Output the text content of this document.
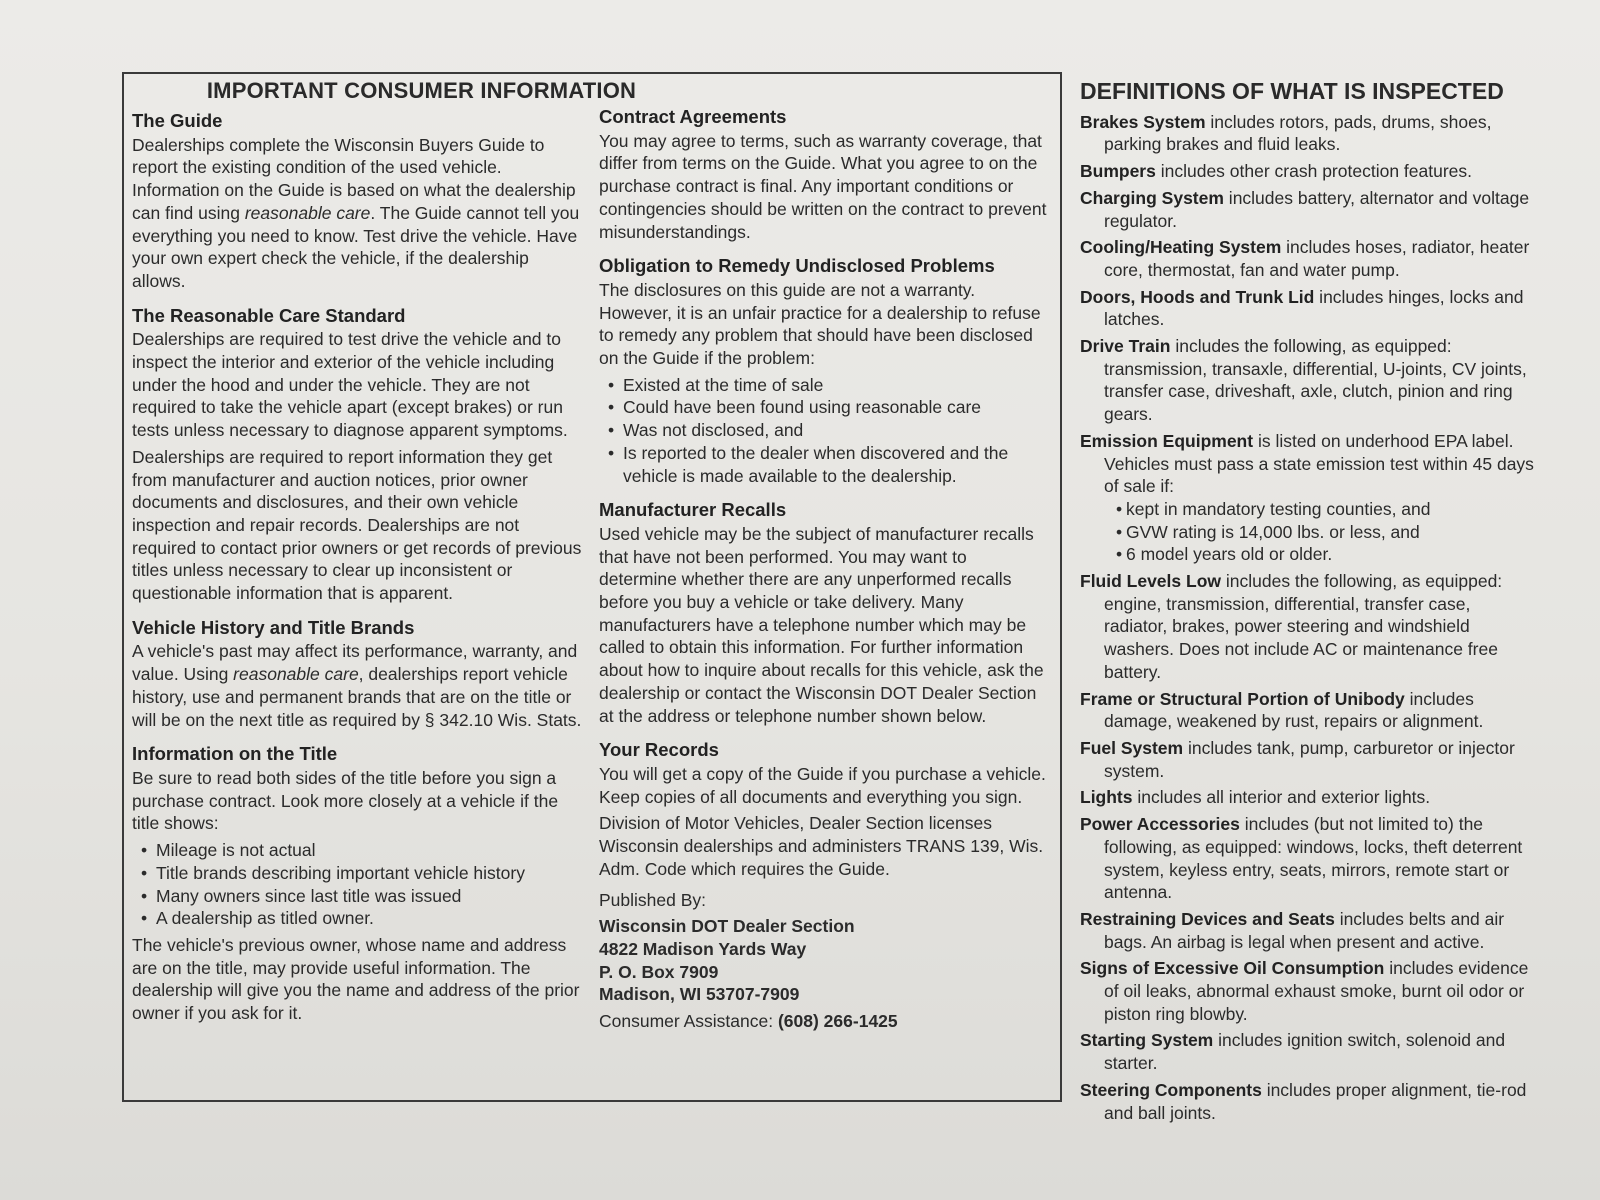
IMPORTANT CONSUMER INFORMATION
The Guide

Dealerships complete the Wisconsin Buyers Guide to report the existing condition of the used vehicle. Information on the Guide is based on what the dealership can find using reasonable care. The Guide cannot tell you everything you need to know. Test drive the vehicle. Have your own expert check the vehicle, if the dealership allows.

The Reasonable Care Standard

Dealerships are required to test drive the vehicle and to inspect the interior and exterior of the vehicle including under the hood and under the vehicle. They are not required to take the vehicle apart (except brakes) or run tests unless necessary to diagnose apparent symptoms.

Dealerships are required to report information they get from manufacturer and auction notices, prior owner documents and disclosures, and their own vehicle inspection and repair records. Dealerships are not required to contact prior owners or get records of previous titles unless necessary to clear up inconsistent or questionable information that is apparent.

Vehicle History and Title Brands

A vehicle's past may affect its performance, warranty, and value. Using reasonable care, dealerships report vehicle history, use and permanent brands that are on the title or will be on the next title as required by § 342.10 Wis. Stats.

Information on the Title

Be sure to read both sides of the title before you sign a purchase contract. Look more closely at a vehicle if the title shows:

• Mileage is not actual
• Title brands describing important vehicle history
• Many owners since last title was issued
• A dealership as titled owner.

The vehicle's previous owner, whose name and address are on the title, may provide useful information. The dealership will give you the name and address of the prior owner if you ask for it.

Contract Agreements

You may agree to terms, such as warranty coverage, that differ from terms on the Guide. What you agree to on the purchase contract is final. Any important conditions or contingencies should be written on the contract to prevent misunderstandings.

Obligation to Remedy Undisclosed Problems

The disclosures on this guide are not a warranty. However, it is an unfair practice for a dealership to refuse to remedy any problem that should have been disclosed on the Guide if the problem:

• Existed at the time of sale
• Could have been found using reasonable care
• Was not disclosed, and
• Is reported to the dealer when discovered and the vehicle is made available to the dealership.
Manufacturer Recalls

Used vehicle may be the subject of manufacturer recalls that have not been performed. You may want to determine whether there are any unperformed recalls before you buy a vehicle or take delivery. Many manufacturers have a telephone number which may be called to obtain this information. For further information about how to inquire about recalls for this vehicle, ask the dealership or contact the Wisconsin DOT Dealer Section at the address or telephone number shown below.

Your Records

You will get a copy of the Guide if you purchase a vehicle. Keep copies of all documents and everything you sign.

Division of Motor Vehicles, Dealer Section licenses Wisconsin dealerships and administers TRANS 139, Wis. Adm. Code which requires the Guide.

Published By:

Wisconsin DOT Dealer Section
4822 Madison Yards Way
P. O. Box 7909
Madison, WI 53707-7909

Consumer Assistance: (608) 266-1425

DEFINITIONS OF WHAT IS INSPECTED
Brakes System includes rotors, pads, drums, shoes, parking brakes and fluid leaks.
Bumpers includes other crash protection features.
Charging System includes battery, alternator and voltage regulator.
Cooling/Heating System includes hoses, radiator, heater core, thermostat, fan and water pump.
Doors, Hoods and Trunk Lid includes hinges, locks and latches.
Drive Train includes the following, as equipped: transmission, transaxle, differential, U-joints, CV joints, transfer case, driveshaft, axle, clutch, pinion and ring gears.
Emission Equipment is listed on underhood EPA label. Vehicles must pass a state emission test within 45 days of sale if:
• kept in mandatory testing counties, and
• GVW rating is 14,000 lbs. or less, and
• 6 model years old or older.
Fluid Levels Low includes the following, as equipped: engine, transmission, differential, transfer case, radiator, brakes, power steering and windshield washers. Does not include AC or maintenance free battery.
Frame or Structural Portion of Unibody includes damage, weakened by rust, repairs or alignment.
Fuel System includes tank, pump, carburetor or injector system.
Lights includes all interior and exterior lights.
Power Accessories includes (but not limited to) the following, as equipped: windows, locks, theft deterrent system, keyless entry, seats, mirrors, remote start or antenna.
Restraining Devices and Seats includes belts and air bags. An airbag is legal when present and active.
Signs of Excessive Oil Consumption includes evidence of oil leaks, abnormal exhaust smoke, burnt oil odor or piston ring blowby.
Starting System includes ignition switch, solenoid and starter.
Steering Components includes proper alignment, tie-rod and ball joints.
